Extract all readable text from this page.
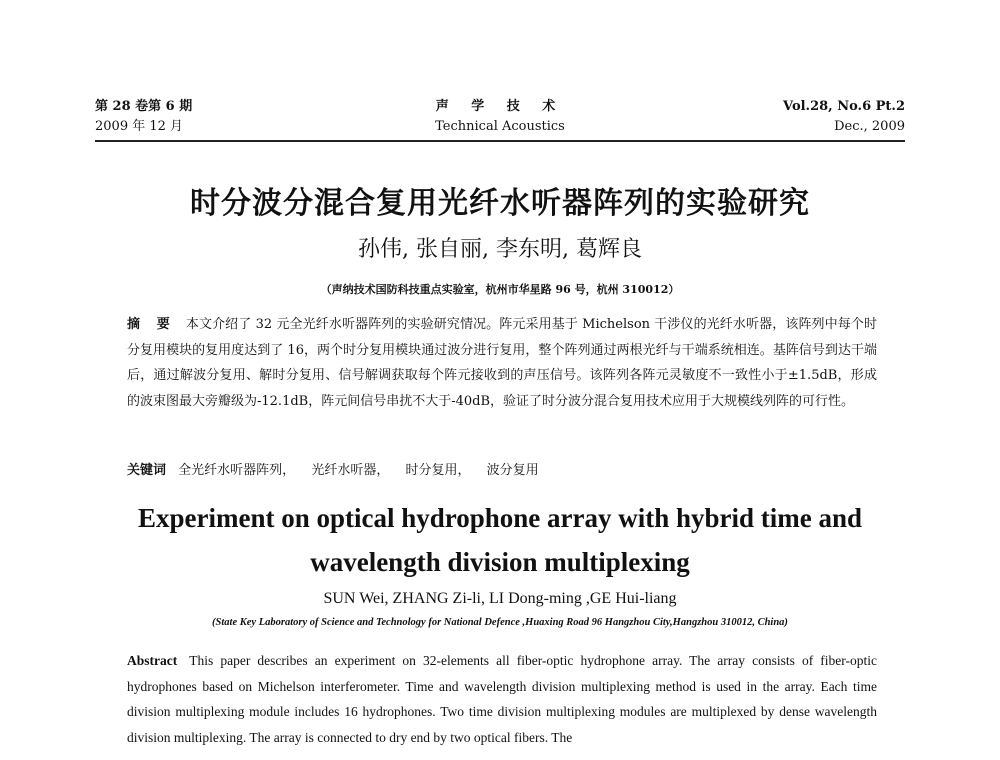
第 28 卷第 6 期
2009 年 12 月
声 学 技 术
Technical Acoustics
Vol.28, No.6 Pt.2
Dec., 2009
时分波分混合复用光纤水听器阵列的实验研究
孙伟, 张自丽, 李东明, 葛辉良
（声纳技术国防科技重点实验室，杭州市华星路 96 号，杭州 310012）
摘 要 本文介绍了 32 元全光纤水听器阵列的实验研究情况。阵元采用基于 Michelson 干涉仪的光纤水听器，该阵列中每个时分复用模块的复用度达到了 16，两个时分复用模块通过波分进行复用，整个阵列通过两根光纤与干端系统相连。基阵信号到达干端后，通过解波分复用、解时分复用、信号解调获取每个阵元接收到的声压信号。该阵列各阵元灵敏度不一致性小于±1.5dB，形成的波束图最大旁瓣级为-12.1dB，阵元间信号串扰不大于-40dB，验证了时分波分混合复用技术应用于大规模线列阵的可行性。
关键词 全光纤水听器阵列， 光纤水听器， 时分复用， 波分复用
Experiment on optical hydrophone array with hybrid time and
wavelength division multiplexing
SUN Wei, ZHANG Zi-li, LI Dong-ming ,GE Hui-liang
(State Key Laboratory of Science and Technology for National Defence ,Huaxing Road 96 Hangzhou City,Hangzhou 310012, China)
Abstract This paper describes an experiment on 32-elements all fiber-optic hydrophone array. The array consists of fiber-optic hydrophones based on Michelson interferometer. Time and wavelength division multiplexing method is used in the array. Each time division multiplexing module includes 16 hydrophones. Two time division multiplexing modules are multiplexed by dense wavelength division multiplexing. The array is connected to dry end by two optical fibers. The
